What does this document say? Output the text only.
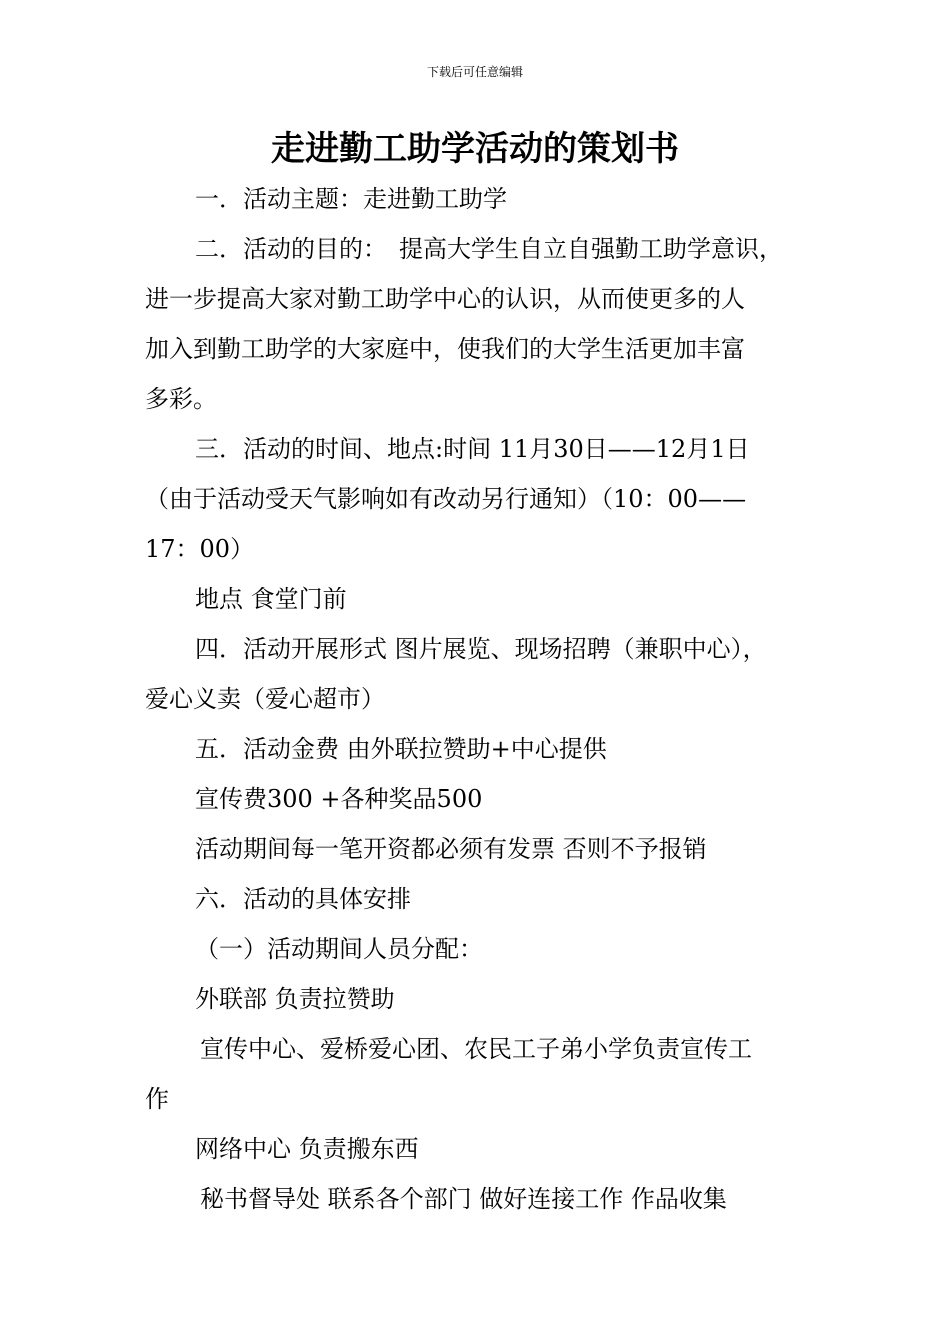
下载后可任意编辑
走进勤工助学活动的策划书

一．活动主题：走进勤工助学

二．活动的目的：　提高大学生自立自强勤工助学意识，

进一步提高大家对勤工助学中心的认识，从而使更多的人

加入到勤工助学的大家庭中，使我们的大学生活更加丰富

多彩。

三．活动的时间、地点:时间 11月30日——12月1日

（由于活动受天气影响如有改动另行通知）（10：00——

17：00）

地点 食堂门前

四．活动开展形式 图片展览、现场招聘（兼职中心），

爱心义卖（爱心超市）

五．活动金费 由外联拉赞助+中心提供

宣传费300 +各种奖品500

活动期间每一笔开资都必须有发票 否则不予报销

六．活动的具体安排

（一）活动期间人员分配：

外联部 负责拉赞助

宣传中心、爱桥爱心团、农民工子弟小学负责宣传工

作

网络中心 负责搬东西

秘书督导处 联系各个部门 做好连接工作 作品收集
